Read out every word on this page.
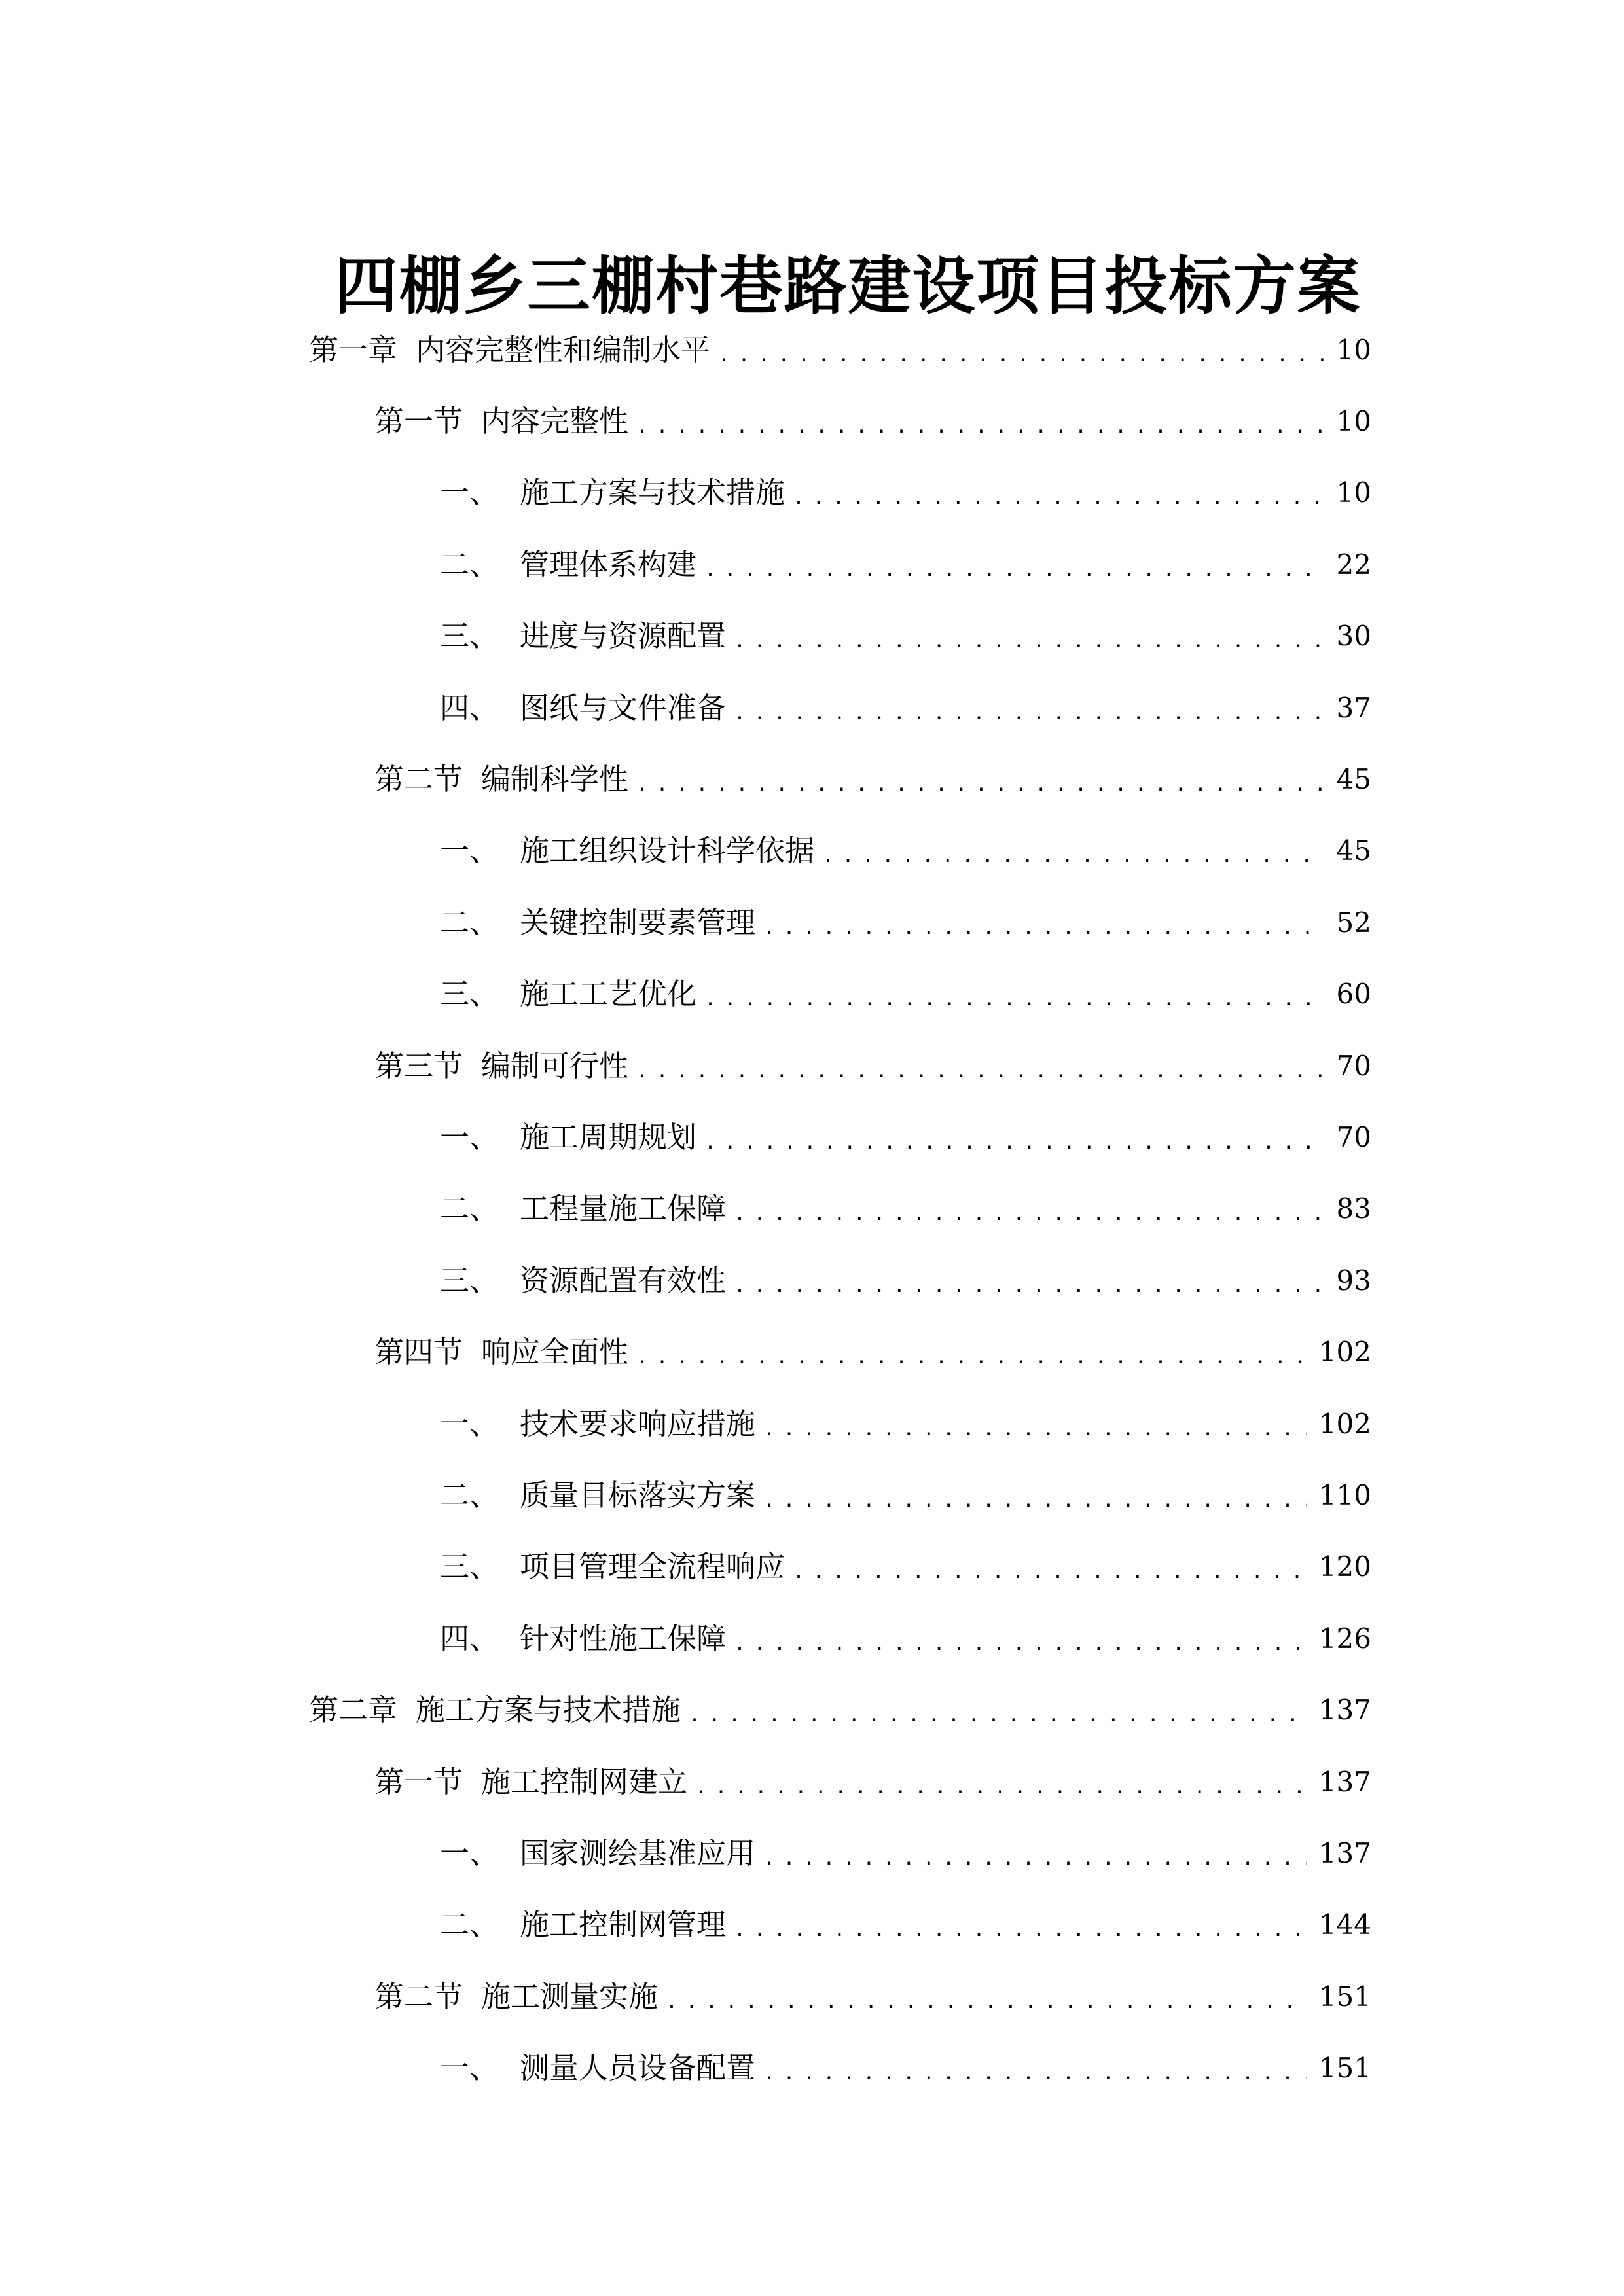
四棚乡三棚村巷路建设项目投标方案
第一章 内容完整性和编制水平 .....	10
第一节 内容完整性 .....	10
一、 施工方案与技术措施 .....	10
二、 管理体系构建 .....	22
三、 进度与资源配置 .....	30
四、 图纸与文件准备 .....	37
第二节 编制科学性 .....	45
一、 施工组织设计科学依据 .....	45
二、 关键控制要素管理 .....	52
三、 施工工艺优化 .....	60
第三节 编制可行性 .....	70
一、 施工周期规划 .....	70
二、 工程量施工保障 .....	83
三、 资源配置有效性 .....	93
第四节 响应全面性 .....	102
一、 技术要求响应措施 .....	102
二、 质量目标落实方案 .....	110
三、 项目管理全流程响应 .....	120
四、 针对性施工保障 .....	126
第二章 施工方案与技术措施 .....	137
第一节 施工控制网建立 .....	137
一、 国家测绘基准应用 .....	137
二、 施工控制网管理 .....	144
第二节 施工测量实施 .....	151
一、 测量人员设备配置 .....	151
